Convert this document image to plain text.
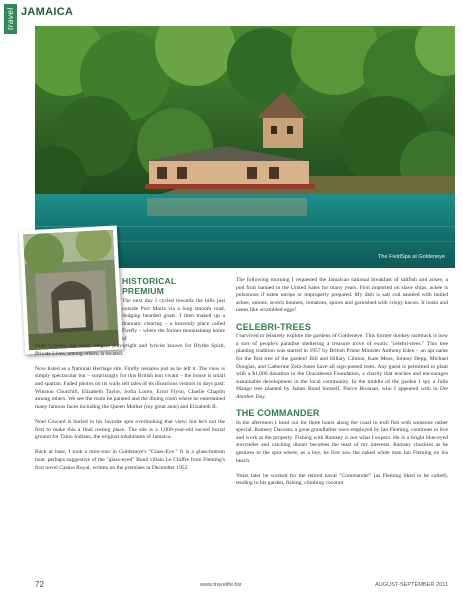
travel JAMAICA
The FieldSpa at Goldeneye
HISTORICAL
PREMIUM
The next day I cycled towards the hills just outside Port Maria via a long smooth road, dodging bearded goats. I then maked up a dramatic clearing – a heavenly place called Firefly – where the former mountaintop home of

Noel Coward, the witty, elegant playwright and lyricist known for Blythe Spirit, Private Lives, among others, is located.

Now listed as a National Heritage site, Firefly remains just as he left it. The view is simply spectacular but – surprisingly for this British bon vivant – the house is small and spartan. Faded photos on its walls tell tales of its illustrious visitors in days past: Winston Churchill, Elizabeth Taylor, Sofia Loren, Errol Flynn, Charlie Chaplin among others. We see the room he painted and the dining room where he entertained many famous faces including the Queen Mother (my great aunt) and Elizabeth II.

Noel Coward is buried in his favorite spot overlooking that view; but he's not the first to make this a final resting place. The site is a 1,000-year-old sacred burial ground for Taino Indians, the original inhabitants of Jamaica.

Back at base, I took a mini-tour in Goldeneye's "Glass-Eye." It is a glass-bottom boat, perhaps suggestive of the "glass-eyed" Bond villain Le Chiffre from Fleming's first novel Casino Royal, written on the premises in December 1952.

The following morning I requested the Jamaican national breakfast of saltfish and ackee, a pod fruit banned in the United Sates for many years. First imported on slave ships, ackee is poisonous if eaten unripe or improperly prepared. My dish is salt cod sautéed with boiled ackee, onions, scotch bonnets, tomatoes, spices and garnished with crispy bacon. It looks and tastes like scrambled eggs!

CELEBRI-TREES

I survived to leisurely explore the gardens of Goldeneye. This former donkey racetrack is now a sort of people's paradise sheltering a treasure trove of exotic "celebri-trees." This tree planting tradition was started in 1957 by British Prime Minister Anthony Eden – an apt name for the first tree of the garden! Bill and Hillary Clinton, Kate Moss, Johnny Depp, Michael Douglas, and Catherine Zeta-Jones have all sign-posted trees. Any guest is permitted to plant with a $1,000 donation to the Oracabessa Foundation, a charity that teaches and encourages sustainable development in the local community. In the middle of the garden I spy a Julie Mango tree planted by James Bond himself, Pierce Brosnan, who I appeared with in Die Another Day.

THE COMMANDER

In the afternoon I head out for three hours along the coast to troll fish with someone rather special. Ramsey Dacosta, a great grandfather once employed by Ian Fleming, continues to live and work at the property. Fishing with Ramsey is not what I expect. He is a bright blue-eyed storyteller and catching dinner becomes the least of my interests. Ramsey chuckles as he gestures to the spot where, as a boy, he first saw the naked white man Ian Fleming on his beach.

Years later he worked for the retired naval "Commander" (as Fleming liked to be called), tending to his garden, fishing, climbing coconut

72	www.travelife.biz	AUGUST-SEPTEMBER 2011
